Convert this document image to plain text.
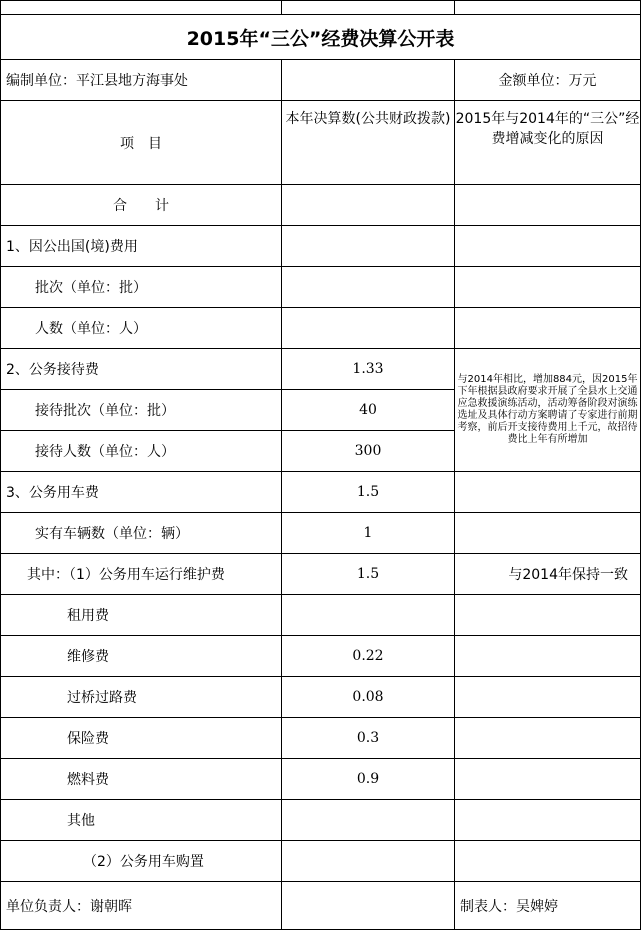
2015年“三公”经费决算公开表		
编制单位：平江县地方海事处		金额单位：万元
项　目	本年决算数(公共财政拨款)	2015年与2014年的“三公”经费增减变化的原因
合　　计		
1、因公出国(境)费用		
批次（单位：批）		
人数（单位：人）		
2、公务接待费	1.33	与2014年相比，增加884元，因2015年下年根据县政府要求开展了全县水上交通应急救援演练活动，活动筹备阶段对演练选址及具体行动方案聘请了专家进行前期考察，前后开支接待费用上千元，故招待费比上年有所增加
接待批次（单位：批）	40	
接待人数（单位：人）	300	
3、公务用车费	1.5	
实有车辆数（单位：辆）	1	
其中：（1）公务用车运行维护费	1.5	与2014年保持一致
租用费		
维修费	0.22	
过桥过路费	0.08	
保险费	0.3	
燃料费	0.9	
其他		
（2）公务用车购置		
单位负责人：谢朝晖		制表人：吴婢婷
